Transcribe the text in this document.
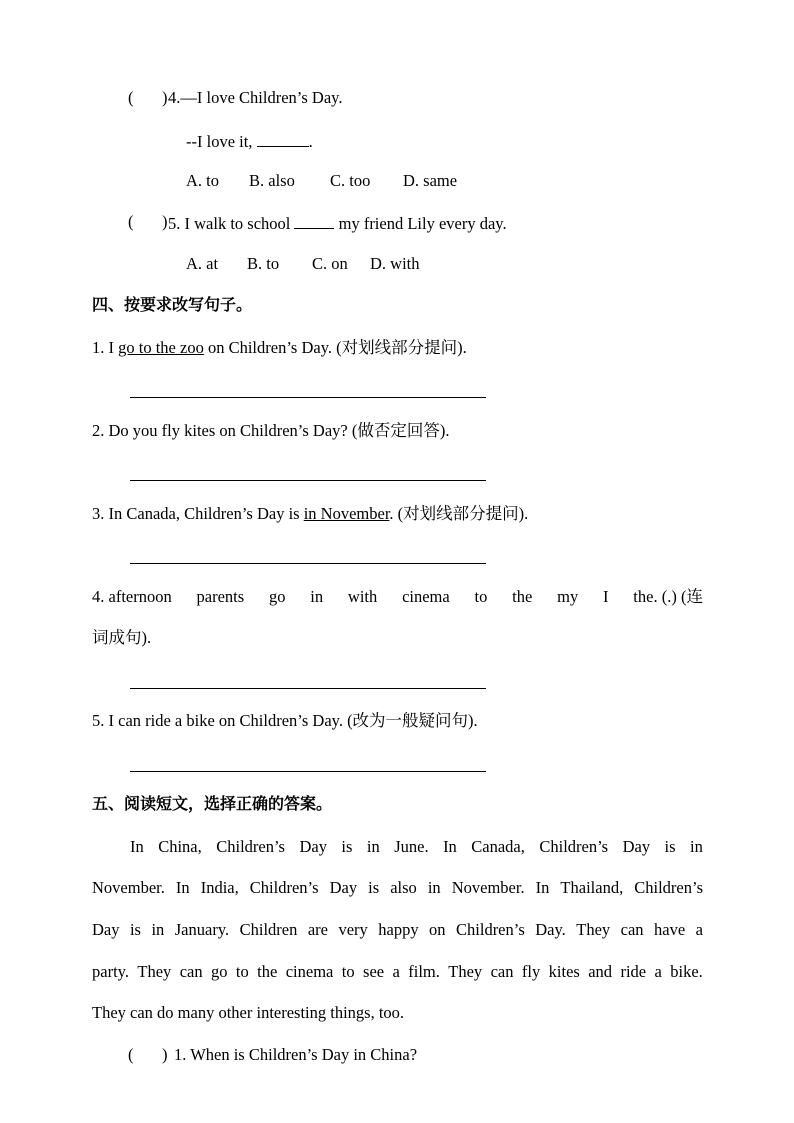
( ) 4.—I love Children’s Day.
--I love it,	.
A. to B. also C. too D. same
( ) 5. I walk to school  my friend Lily every day.
A. at B. to C. on D. with
四、按要求改写句子。
1. I go to the zoo on Children’s Day. (对划线部分提问).
2. Do you fly kites on Children’s Day? (做否定回答).
3. In Canada, Children’s Day is in November. (对划线部分提问).
4. afternoon parents go in with cinema to the my I the. (.) (连
词成句).
5. I can ride a bike on Children’s Day. (改为一般疑问句).
五、阅读短文，选择正确的答案。
In China, Children’s Day is in June. In Canada, Children’s Day is in
November. In India, Children’s Day is also in November. In Thailand, Children’s
Day is in January. Children are very happy on Children’s Day. They can have a
party. They can go to the cinema to see a film. They can fly kites and ride a bike.
They can do many other interesting things, too.
( ) 1. When is Children’s Day in China?
